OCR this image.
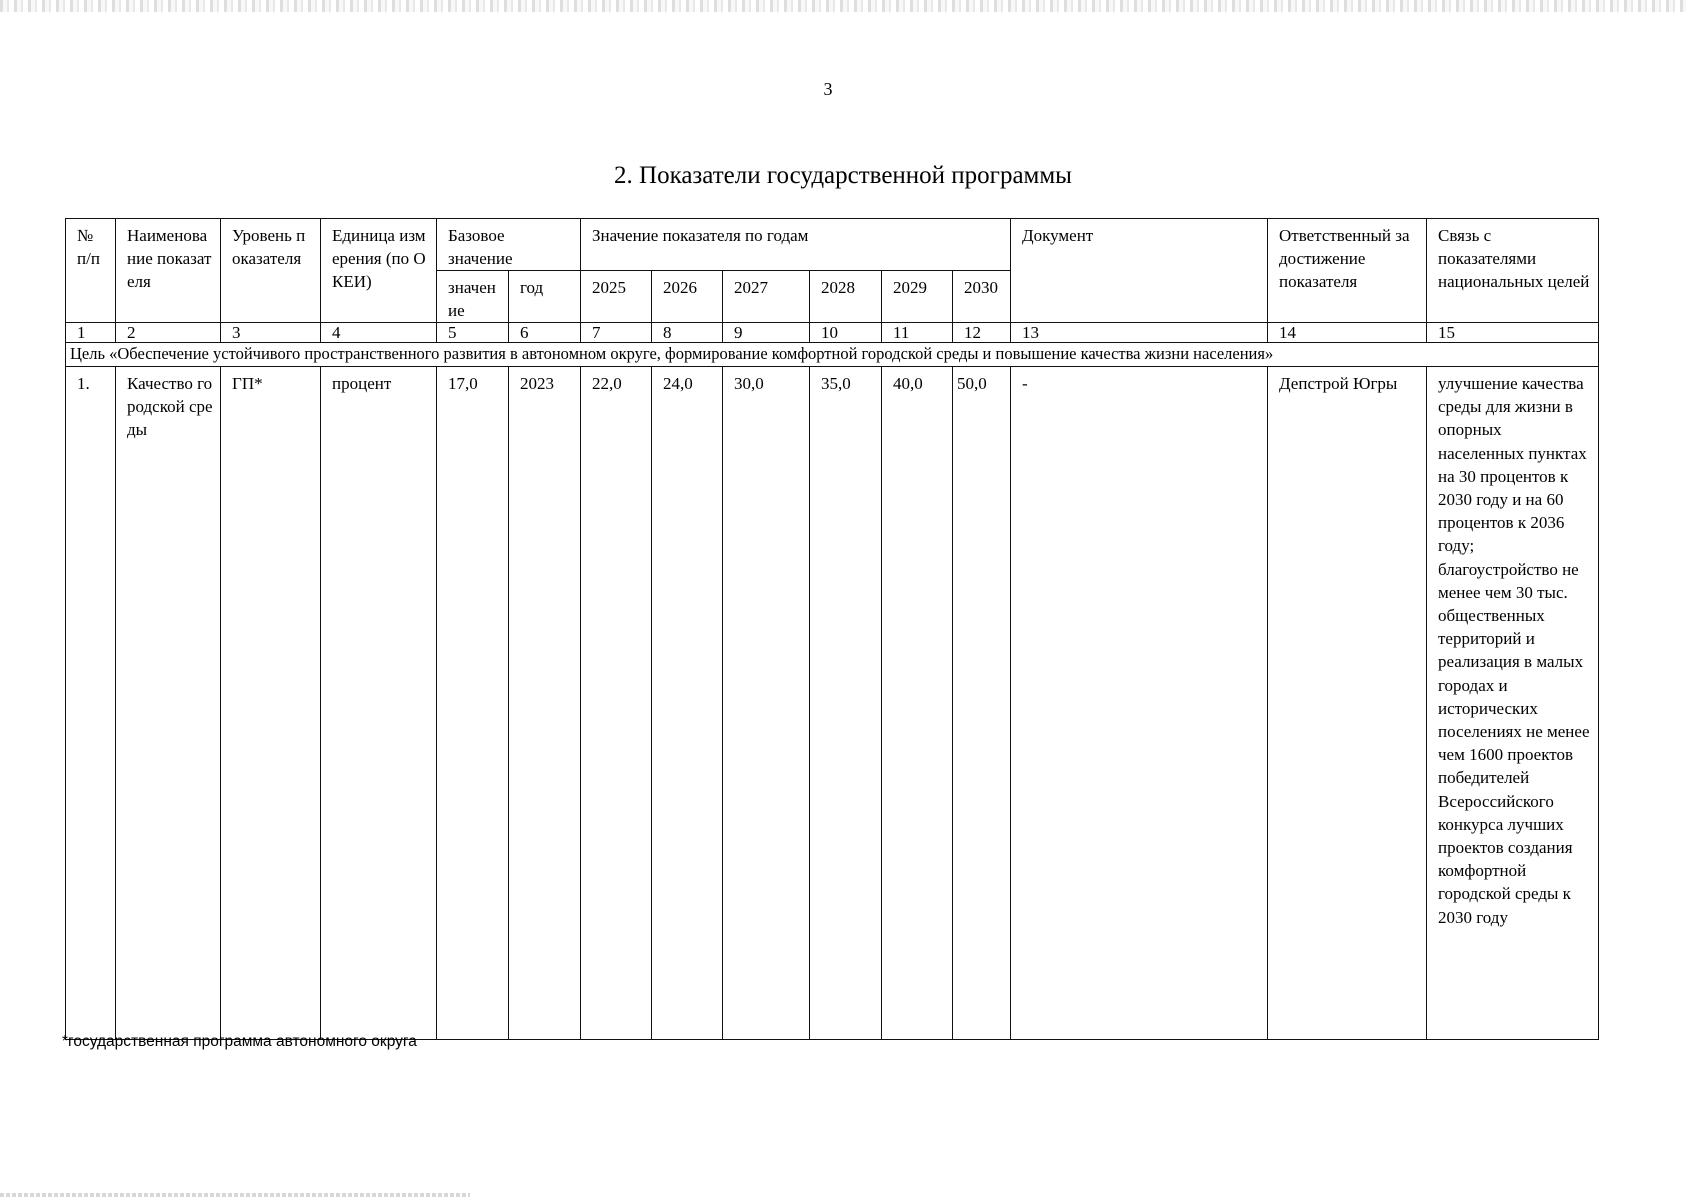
3
2. Показатели государственной программы
№ п/п	Наименование показателя	Уровень показателя	Единица измерения (по ОКЕИ)	Базовое значение		Значение показателя по годам						Документ	Ответственный за достижение показателя	Связь с показателями национальных целей
				значение	год	2025	2026	2027	2028	2029	2030			
1	2	3	4	5	6	7	8	9	10	11	12	13	14	15
Цель «Обеспечение устойчивого пространственного развития в автономном округе, формирование комфортной городской среды и повышение качества жизни населения»														
1.	Качество городской среды	ГП*	процент	17,0	2023	22,0	24,0	30,0	35,0	40,0	50,0	-	Депстрой Югры	улучшение качества среды для жизни в опорных населенных пунктах на 30 процентов к 2030 году и на 60 процентов к 2036 году; благоустройство не менее чем 30 тыс. общественных территорий и реализация в малых городах и исторических поселениях не менее чем 1600 проектов победителей Всероссийского конкурса лучших проектов создания комфортной городской среды к 2030 году
*государственная программа автономного округа
